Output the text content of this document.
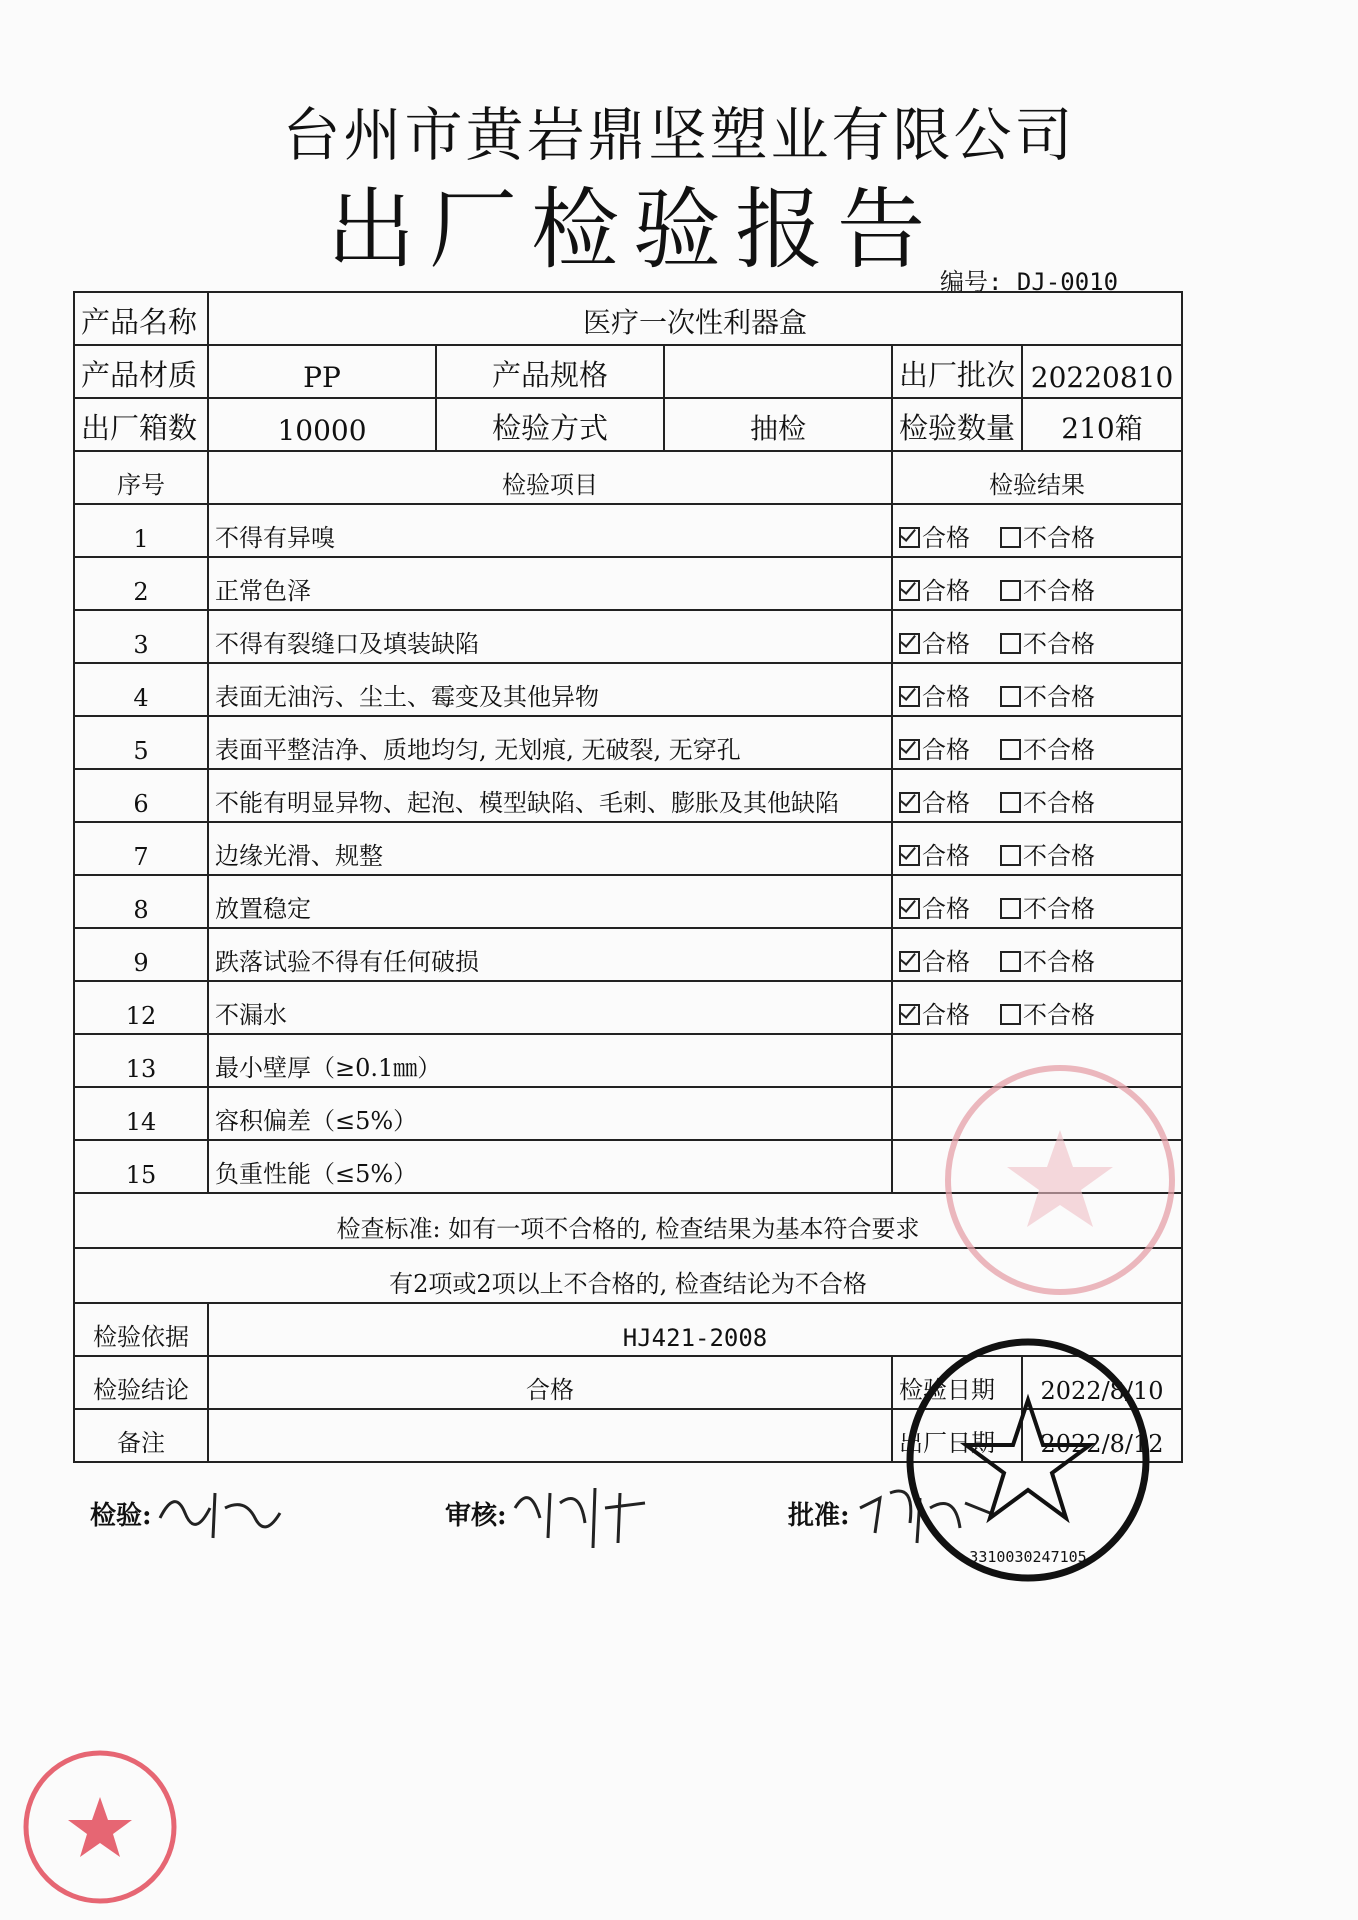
台州市黄岩鼎坚塑业有限公司
出厂检验报告
编号: DJ-0010
产品名称	医疗一次性利器盒				
产品材质	PP	产品规格		出厂批次	20220810
出厂箱数	10000	检验方式	抽检	检验数量	210箱
序号	检验项目			检验结果	
1	不得有异嗅			合格 不合格	
2	正常色泽			合格 不合格	
3	不得有裂缝口及填装缺陷			合格 不合格	
4	表面无油污、尘土、霉变及其他异物			合格 不合格	
5	表面平整洁净、质地均匀, 无划痕, 无破裂, 无穿孔			合格 不合格	
6	不能有明显异物、起泡、模型缺陷、毛刺、膨胀及其他缺陷			合格 不合格	
7	边缘光滑、规整			合格 不合格	
8	放置稳定			合格 不合格	
9	跌落试验不得有任何破损			合格 不合格	
12	不漏水			合格 不合格	
13	最小壁厚（≥0.1㎜）				
14	容积偏差（≤5%）				
15	负重性能（≤5%）				
检查标准: 如有一项不合格的, 检查结果为基本符合要求					
有2项或2项以上不合格的, 检查结论为不合格					
检验依据	HJ421-2008				
检验结论	合格			检验日期	2022/8/10
备注				出厂日期	2022/8/12
检验:	审核:	批准:
3310030247105
